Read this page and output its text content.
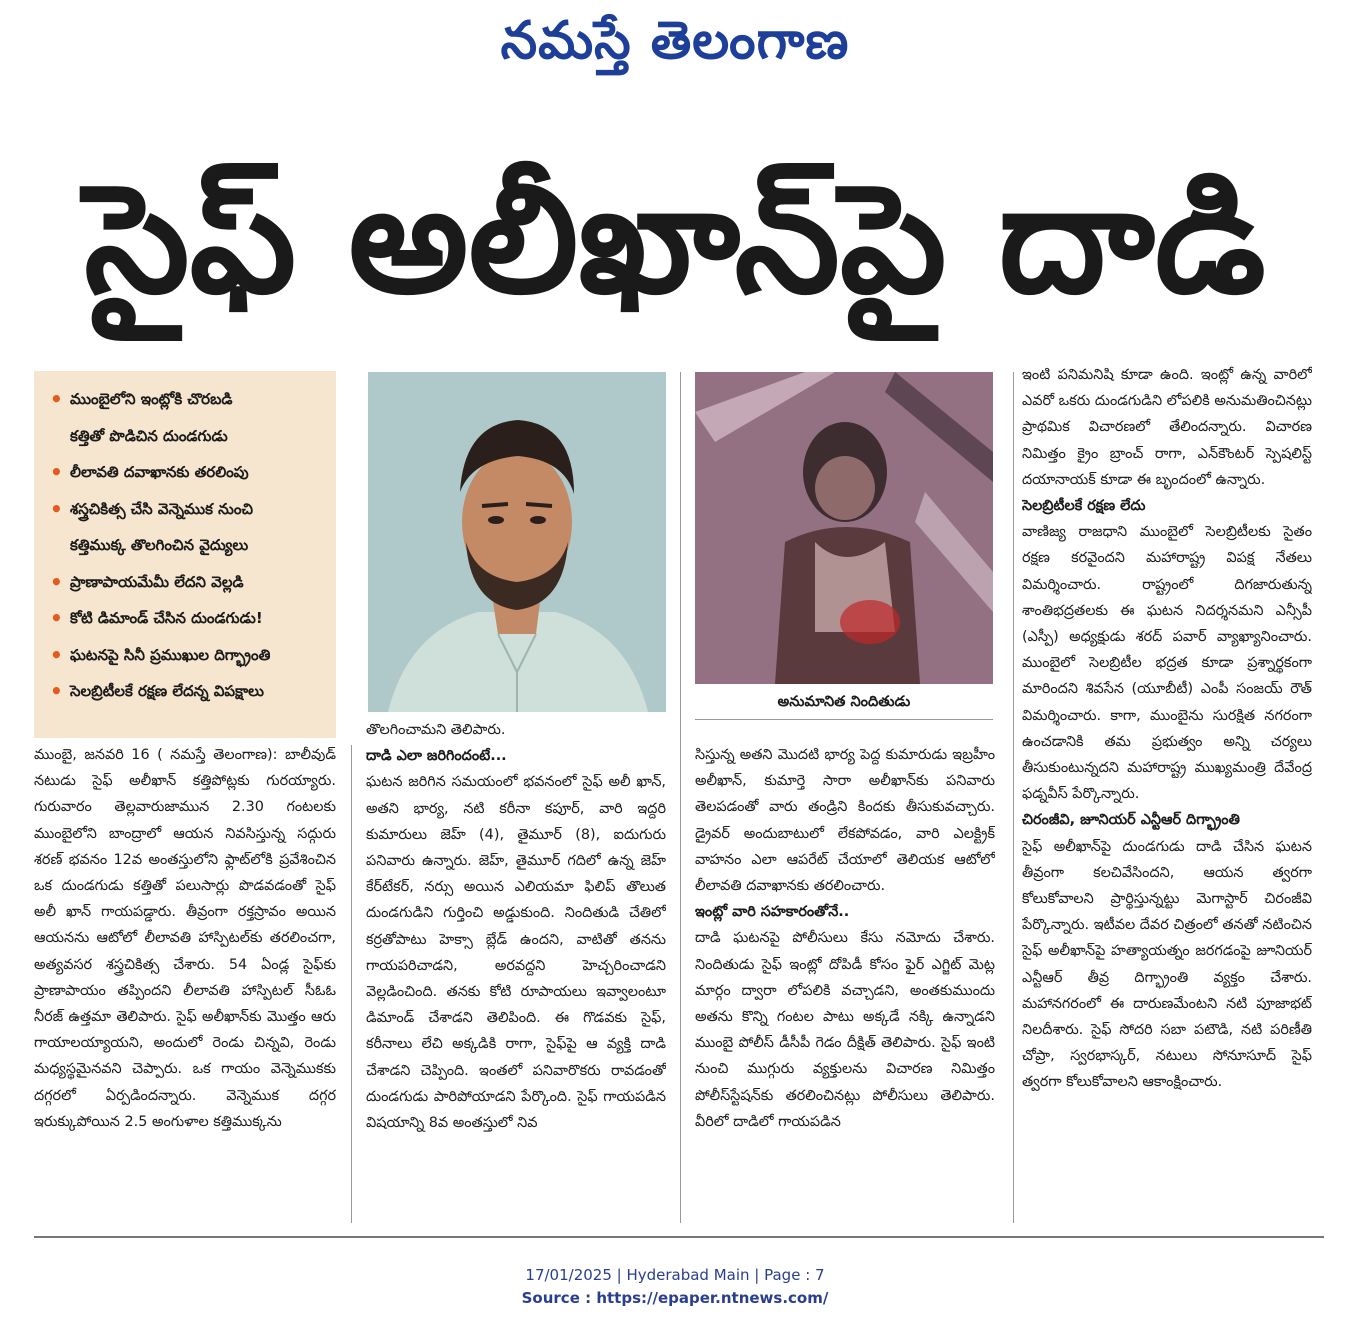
నమస్తే తెలంగాణ
సైఫ్ అలీఖాన్‌పై దాడి
• ముంబైలోని ఇంట్లోకి చొరబడి
కత్తితో పొడిచిన దుండగుడు
• లీలావతి దవాఖానకు తరలింపు
• శస్త్రచికిత్స చేసి వెన్నెముక నుంచి
కత్తిముక్క తొలగించిన వైద్యులు
• ప్రాణాపాయమేమీ లేదని వెల్లడి
• కోటి డిమాండ్ చేసిన దుండగుడు!
• ఘటనపై సినీ ప్రముఖుల దిగ్భ్రాంతి
• సెలబ్రిటీలకే రక్షణ లేదన్న విపక్షాలు
అనుమానిత నిందితుడు

ముంబై, జనవరి 16 ( నమస్తే తెలంగాణ): బాలీవుడ్ నటుడు సైఫ్ అలీఖాన్ కత్తిపోట్లకు గురయ్యారు. గురువారం తెల్లవారుజామున 2.30 గంటలకు ముంబైలోని బాంద్రాలో ఆయన నివసిస్తున్న సద్గురు శరణ్ భవనం 12వ అంతస్తులోని ఫ్లాట్‌లోకి ప్రవేశించిన ఒక దుండగుడు కత్తితో పలుసార్లు పొడవడంతో సైఫ్ అలీ ఖాన్ గాయపడ్డారు. తీవ్రంగా రక్తస్రావం అయిన ఆయనను ఆటోలో లీలావతి హాస్పిటల్‌కు తరలించగా, అత్యవసర శస్త్రచికిత్స చేశారు. 54 ఏండ్ల సైఫ్‌కు ప్రాణాపాయం తప్పిందని లీలావతి హాస్పిటల్ సీఓఓ నీరజ్ ఉత్తమా తెలిపారు. సైఫ్ అలీఖాన్‌కు మొత్తం ఆరు గాయాలయ్యాయని, అందులో రెండు చిన్నవి, రెండు మధ్యస్థమైనవని చెప్పారు. ఒక గాయం వెన్నెముకకు దగ్గరలో ఏర్పడిందన్నారు. వెన్నెముక దగ్గర ఇరుక్కుపోయిన 2.5 అంగుళాల కత్తిముక్కను

తొలగించామని తెలిపారు.

దాడి ఎలా జరిగిందంటే...

ఘటన జరిగిన సమయంలో భవనంలో సైఫ్ అలీ ఖాన్, అతని భార్య, నటి కరీనా కపూర్, వారి ఇద్దరి కుమారులు జెహ్ (4), తైమూర్ (8), ఐదుగురు పనివారు ఉన్నారు. జెహ్, తైమూర్ గదిలో ఉన్న జెహ్ కేర్‌టేకర్, నర్సు అయిన ఎలియమా ఫిలిప్ తొలుత దుండగుడిని గుర్తించి అడ్డుకుంది. నిందితుడి చేతిలో కర్రతోపాటు హెక్సా బ్లేడ్ ఉందని, వాటితో తనను గాయపరిచాడని, అరవద్దని హెచ్చరించాడని వెల్లడించింది. తనకు కోటి రూపాయలు ఇవ్వాలంటూ డిమాండ్ చేశాడని తెలిపింది. ఈ గొడవకు సైఫ్, కరీనాలు లేచి అక్కడికి రాగా, సైఫ్‌పై ఆ వ్యక్తి దాడి చేశాడని చెప్పింది. ఇంతలో పనివారొకరు రావడంతో దుండగుడు పారిపోయాడని పేర్కొంది. సైఫ్ గాయపడిన విషయాన్ని 8వ అంతస్తులో నివ

సిస్తున్న అతని మొదటి భార్య పెద్ద కుమారుడు ఇబ్రహీం అలీఖాన్, కుమార్తె సారా అలీఖాన్‌కు పనివారు తెలపడంతో వారు తండ్రిని కిందకు తీసుకువచ్చారు. డ్రైవర్ అందుబాటులో లేకపోవడం, వారి ఎలక్ట్రిక్ వాహనం ఎలా ఆపరేట్ చేయాలో తెలియక ఆటోలో లీలావతి దవాఖానకు తరలించారు.

ఇంట్లో వారి సహకారంతోనే..

దాడి ఘటనపై పోలీసులు కేసు నమోదు చేశారు. నిందితుడు సైఫ్ ఇంట్లో దోపిడీ కోసం ఫైర్ ఎగ్జిట్ మెట్ల మార్గం ద్వారా లోపలికి వచ్చాడని, అంతకుముందు అతను కొన్ని గంటల పాటు అక్కడే నక్కి ఉన్నాడని ముంబై పోలీస్ డీసీపీ గెడం దీక్షిత్ తెలిపారు. సైఫ్ ఇంటి నుంచి ముగ్గురు వ్యక్తులను విచారణ నిమిత్తం పోలీస్‌స్టేషన్‌కు తరలించినట్లు పోలీసులు తెలిపారు. వీరిలో దాడిలో గాయపడిన

ఇంటి పనిమనిషి కూడా ఉంది. ఇంట్లో ఉన్న వారిలో ఎవరో ఒకరు దుండగుడిని లోపలికి అనుమతించినట్లు ప్రాథమిక విచారణలో తేలిందన్నారు. విచారణ నిమిత్తం క్రైం బ్రాంచ్ రాగా, ఎన్‌కౌంటర్ స్పెషలిస్ట్ దయానాయక్ కూడా ఈ బృందంలో ఉన్నారు.

సెలబ్రిటీలకే రక్షణ లేదు

వాణిజ్య రాజధాని ముంబైలో సెలబ్రిటీలకు సైతం రక్షణ కరవైందని మహారాష్ట్ర విపక్ష నేతలు విమర్శించారు. రాష్ట్రంలో దిగజారుతున్న శాంతిభద్రతలకు ఈ ఘటన నిదర్శనమని ఎన్సీపీ (ఎస్పీ) అధ్యక్షుడు శరద్ పవార్ వ్యాఖ్యానించారు. ముంబైలో సెలబ్రిటీల భద్రత కూడా ప్రశ్నార్థకంగా మారిందని శివసేన (యూబీటీ) ఎంపీ సంజయ్ రౌత్ విమర్శించారు. కాగా, ముంబైను సురక్షిత నగరంగా ఉంచడానికి తమ ప్రభుత్వం అన్ని చర్యలు తీసుకుంటున్నదని మహారాష్ట్ర ముఖ్యమంత్రి దేవేంద్ర ఫడ్నవీస్ పేర్కొన్నారు.

చిరంజీవి, జూనియర్ ఎన్టీఆర్ దిగ్భ్రాంతి

సైఫ్ అలీఖాన్‌పై దుండగుడు దాడి చేసిన ఘటన తీవ్రంగా కలచివేసిందని, ఆయన త్వరగా కోలుకోవాలని ప్రార్థిస్తున్నట్టు మెగాస్టార్ చిరంజీవి పేర్కొన్నారు. ఇటీవల దేవర చిత్రంలో తనతో నటించిన సైఫ్ అలీఖాన్‌పై హత్యాయత్నం జరగడంపై జూనియర్ ఎన్టీఆర్ తీవ్ర దిగ్భ్రాంతి వ్యక్తం చేశారు. మహానగరంలో ఈ దారుణమేంటని నటి పూజాభట్ నిలదీశారు. సైఫ్ సోదరి సబా పటౌడి, నటి పరిణీతి చోప్రా, స్వరభాస్కర్, నటులు సోనూసూద్ సైఫ్ త్వరగా కోలుకోవాలని ఆకాంక్షించారు.

17/01/2025 | Hyderabad Main | Page : 7
Source : https://epaper.ntnews.com/
